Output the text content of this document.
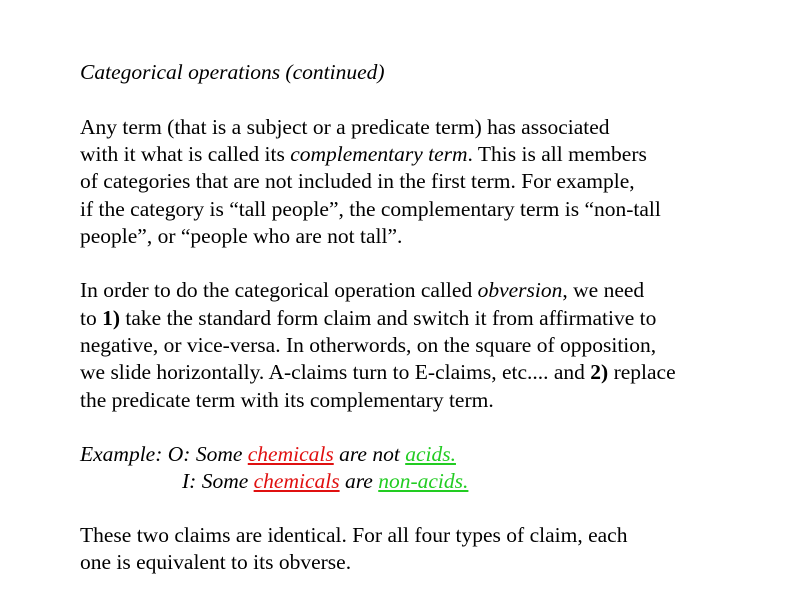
Categorical operations (continued)
Any term (that is a subject or a predicate term) has associated
with it what is called its complementary term. This is all members
of categories that are not included in the first term. For example,
if the category is “tall people”, the complementary term is “non-tall
people”, or “people who are not tall”.
In order to do the categorical operation called obversion, we need
to 1) take the standard form claim and switch it from affirmative to
negative, or vice-versa. In otherwords, on the square of opposition,
we slide horizontally. A-claims turn to E-claims, etc.... and 2) replace
the predicate term with its complementary term.
Example: O: Some chemicals are not acids.
I: Some chemicals are non-acids.
These two claims are identical. For all four types of claim, each
one is equivalent to its obverse.
